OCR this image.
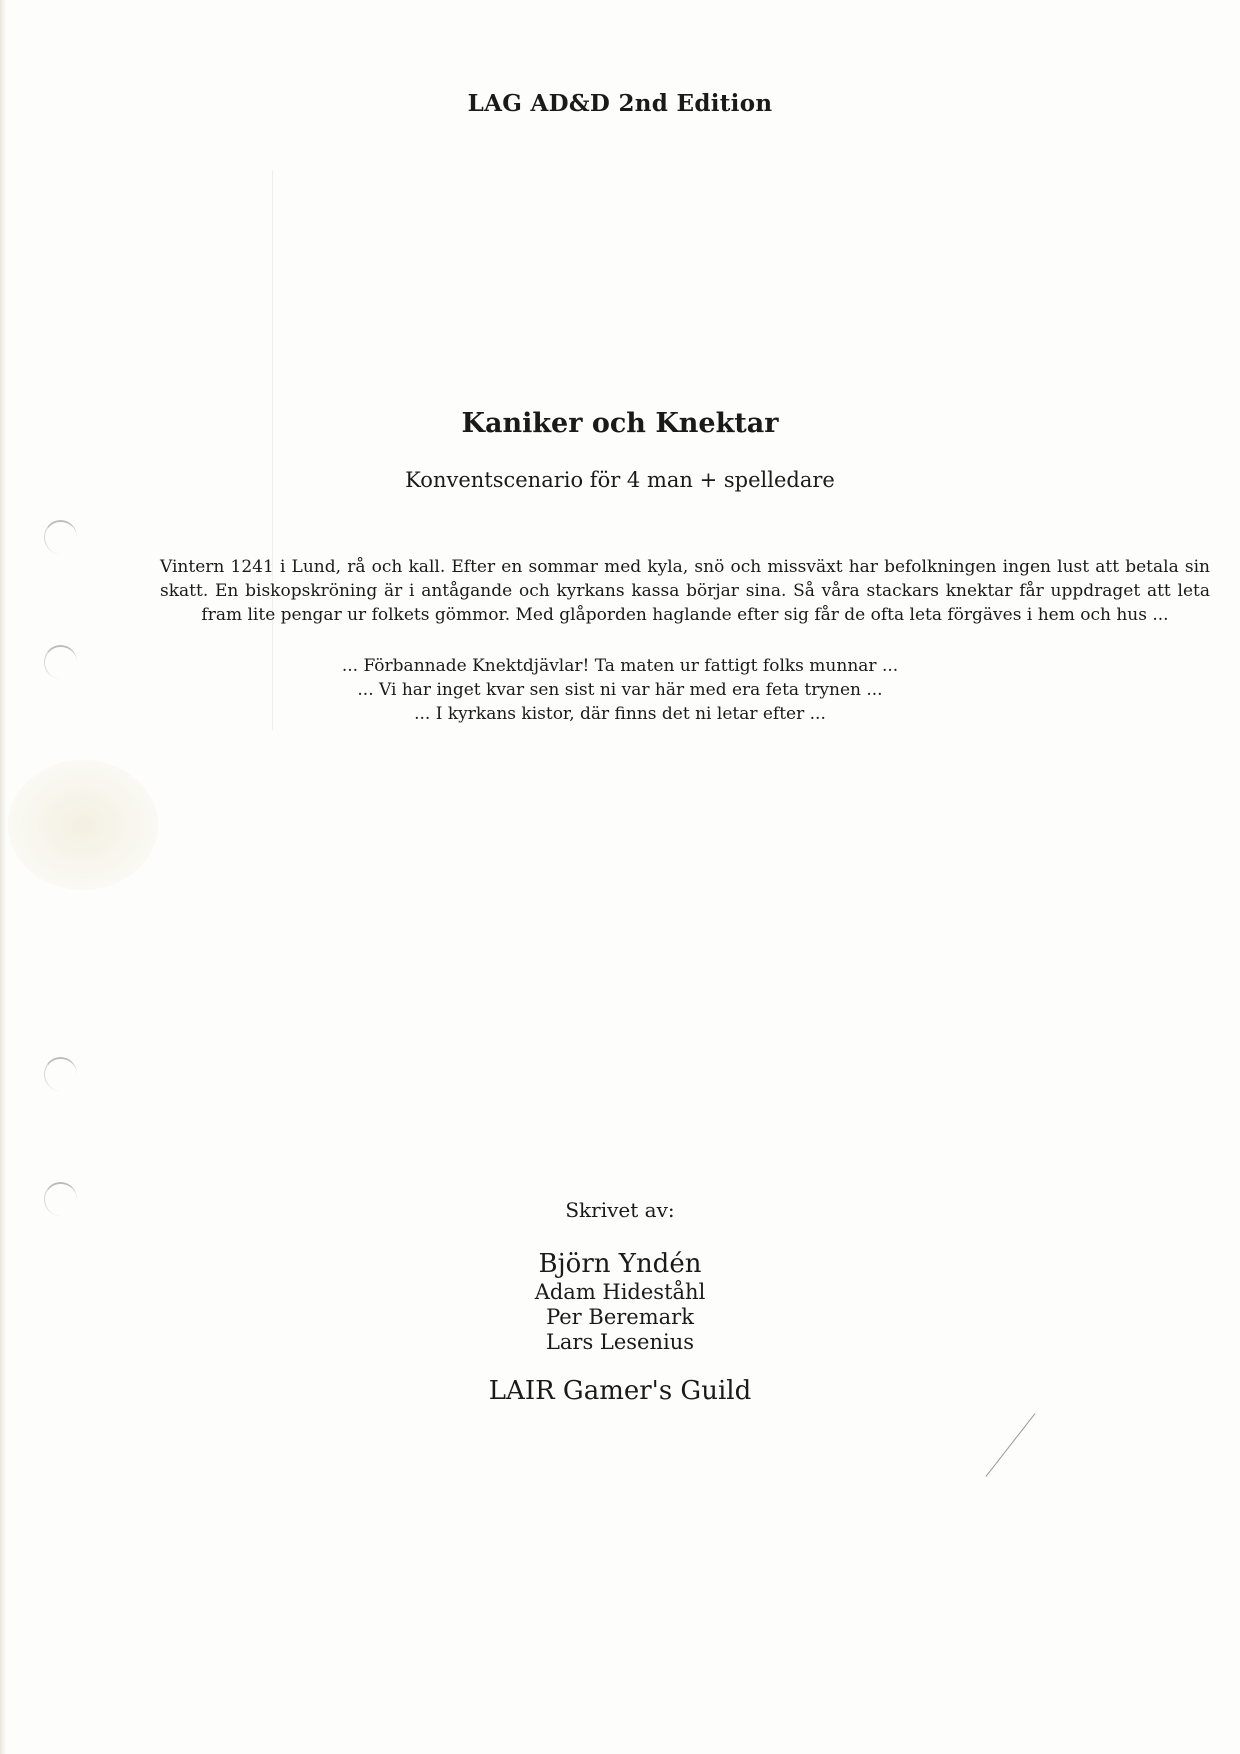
LAG AD&D 2nd Edition
Kaniker och Knektar
Konventscenario för 4 man + spelledare
Vintern 1241 i Lund, rå och kall. Efter en sommar med kyla, snö och missväxt har befolkningen ingen lust att betala sin skatt. En biskopskröning är i antågande och kyrkans kassa börjar sina. Så våra stackars knektar får uppdraget att leta fram lite pengar ur folkets gömmor. Med glåporden haglande efter sig får de ofta leta förgäves i hem och hus ...
... Förbannade Knektdjävlar! Ta maten ur fattigt folks munnar ...
... Vi har inget kvar sen sist ni var här med era feta trynen ...
... I kyrkans kistor, där finns det ni letar efter ...
Skrivet av:
Björn Yndén
Adam Hideståhl
Per Beremark
Lars Lesenius
LAIR Gamer's Guild
